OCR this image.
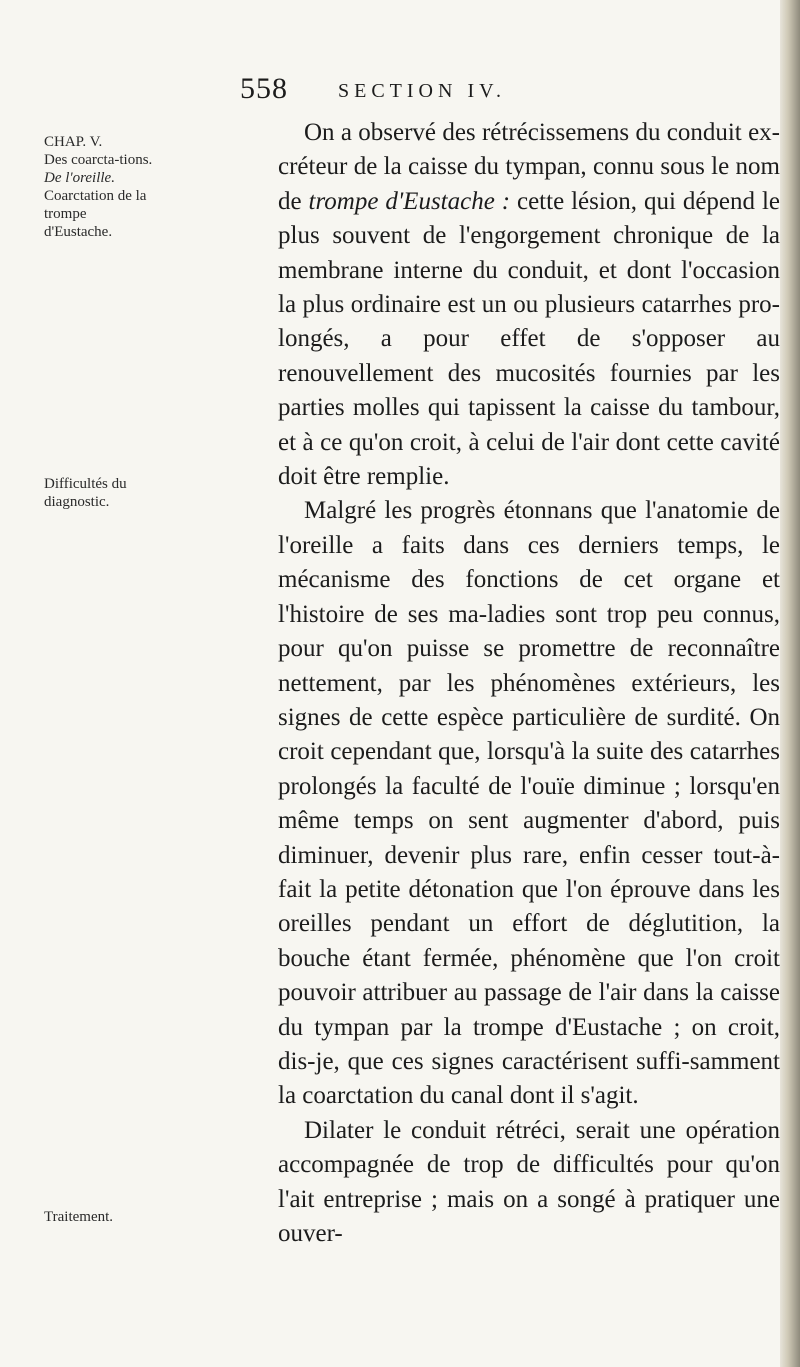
558	SECTION IV.
CHAP. V.
Des coarcta-tions.
De l'oreille.
Coarctation de la trompe d'Eustache.
Difficultés du diagnostic.
Traitement.

On a observé des rétrécissemens du conduit ex-créteur de la caisse du tympan, connu sous le nom de trompe d'Eustache : cette lésion, qui dépend le plus souvent de l'engorgement chronique de la membrane interne du conduit, et dont l'occasion la plus ordinaire est un ou plusieurs catarrhes pro-longés, a pour effet de s'opposer au renouvellement des mucosités fournies par les parties molles qui tapissent la caisse du tambour, et à ce qu'on croit, à celui de l'air dont cette cavité doit être remplie.

Malgré les progrès étonnans que l'anatomie de l'oreille a faits dans ces derniers temps, le mécanisme des fonctions de cet organe et l'histoire de ses ma-ladies sont trop peu connus, pour qu'on puisse se promettre de reconnaître nettement, par les phénomènes extérieurs, les signes de cette espèce particulière de surdité. On croit cependant que, lorsqu'à la suite des catarrhes prolongés la faculté de l'ouïe diminue ; lorsqu'en même temps on sent augmenter d'abord, puis diminuer, devenir plus rare, enfin cesser tout-à-fait la petite détonation que l'on éprouve dans les oreilles pendant un effort de déglutition, la bouche étant fermée, phénomène que l'on croit pouvoir attribuer au passage de l'air dans la caisse du tympan par la trompe d'Eustache ; on croit, dis-je, que ces signes caractérisent suffi-samment la coarctation du canal dont il s'agit.

Dilater le conduit rétréci, serait une opération accompagnée de trop de difficultés pour qu'on l'ait entreprise ; mais on a songé à pratiquer une ouver-
